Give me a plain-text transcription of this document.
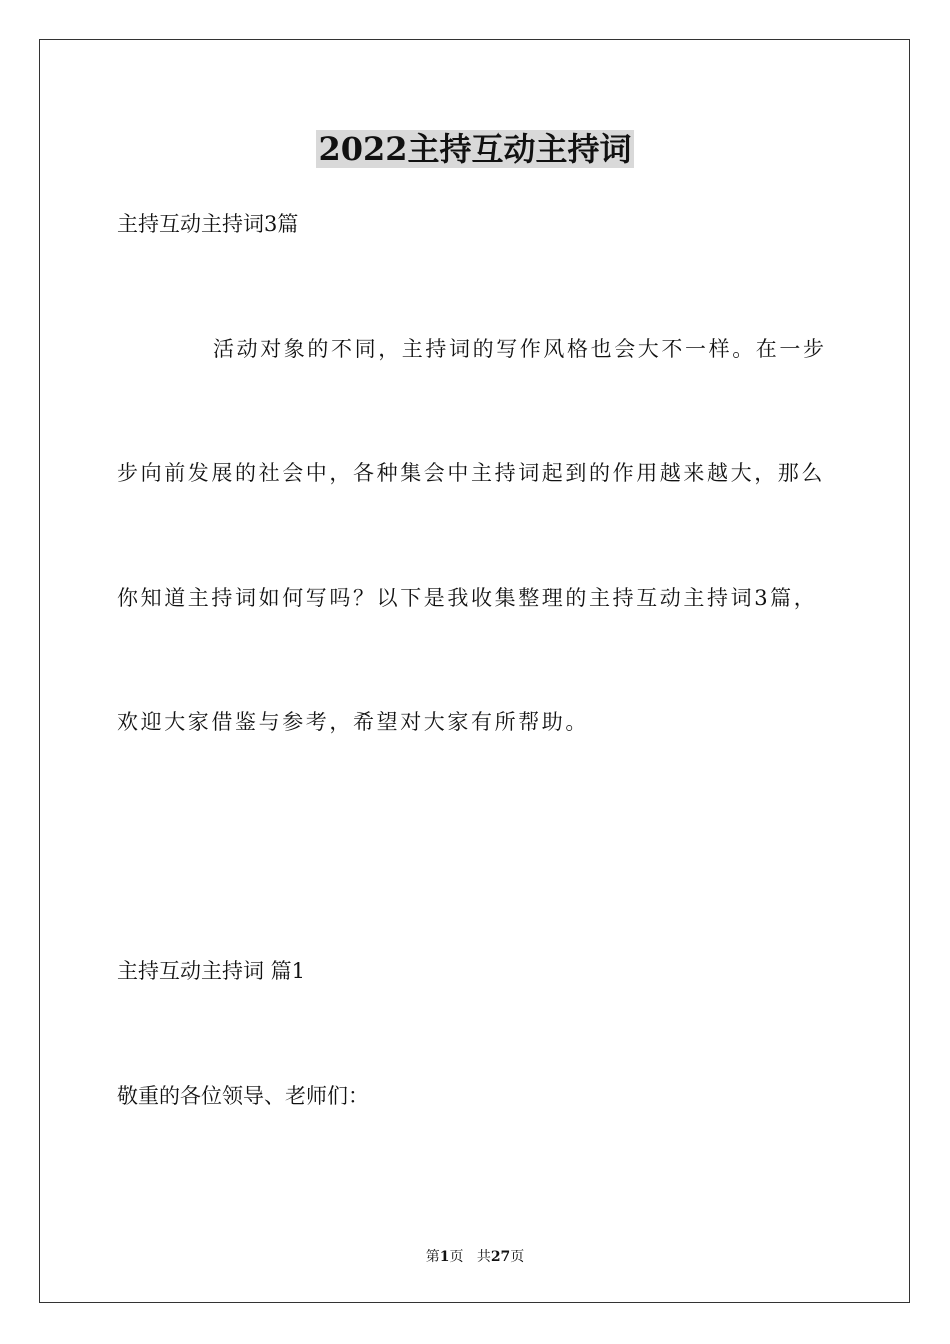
2022主持互动主持词
主持互动主持词3篇
活动对象的不同，主持词的写作风格也会大不一样。在一步
步向前发展的社会中，各种集会中主持词起到的作用越来越大，那么
你知道主持词如何写吗？以下是我收集整理的主持互动主持词3篇，
欢迎大家借鉴与参考，希望对大家有所帮助。
主持互动主持词 篇1
敬重的各位领导、老师们：
第1页 共27页
